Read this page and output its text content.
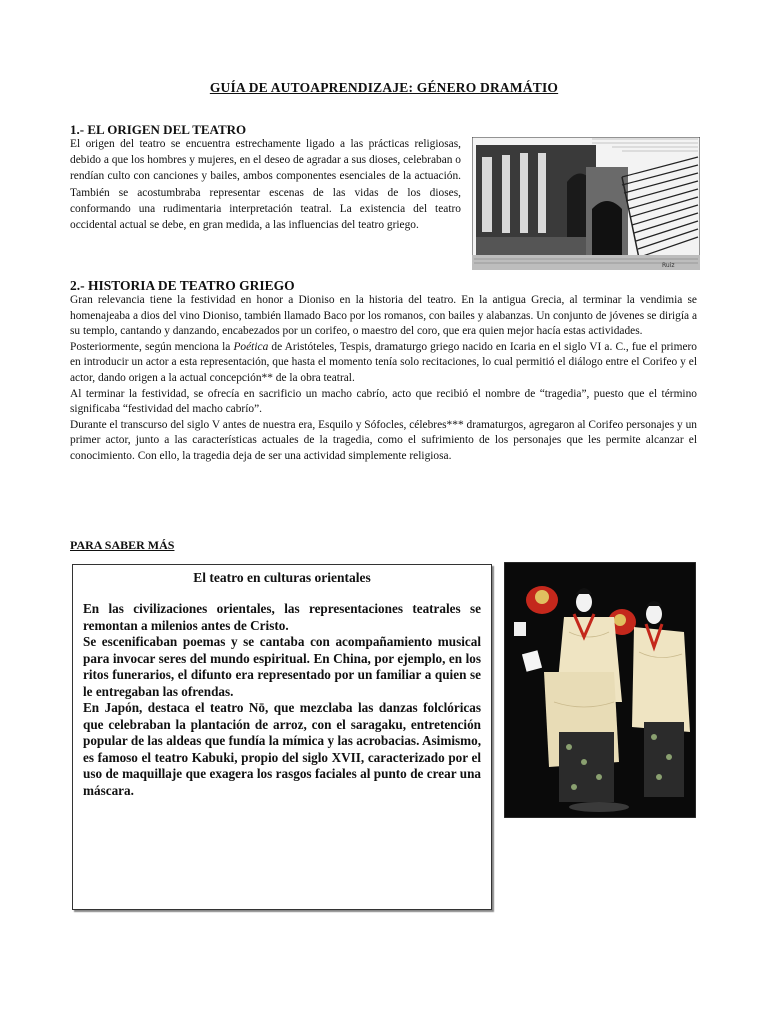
GUÍA DE AUTOAPRENDIZAJE: GÉNERO DRAMÁTIO
1.- EL ORIGEN DEL TEATRO

El origen del teatro se encuentra estrechamente ligado a las prácticas religiosas, debido a que los hombres y mujeres, en el deseo de agradar a sus dioses, celebraban o rendían culto con canciones y bailes, ambos componentes esenciales de la actuación. También se acostumbraba representar escenas de las vidas de los dioses, conformando una rudimentaria interpretación teatral. La existencia del teatro occidental actual se debe, en gran medida, a las influencias del teatro griego.

Ruiz
2.- HISTORIA DE TEATRO GRIEGO

Gran relevancia tiene la festividad en honor a Dioniso en la historia del teatro. En la antigua Grecia, al terminar la vendimia se homenajeaba a dios del vino Dioniso, también llamado Baco por los romanos, con bailes y alabanzas. Un conjunto de jóvenes se dirigía a su templo, cantando y danzando, encabezados por un corifeo, o maestro del coro, que era quien mejor hacía estas actividades.

Posteriormente, según menciona la Poética de Aristóteles, Tespis, dramaturgo griego nacido en Icaria en el siglo VI a. C., fue el primero en introducir un actor a esta representación, que hasta el momento tenía solo recitaciones, lo cual permitió el diálogo entre el Corifeo y el actor, dando origen a la actual concepción** de la obra teatral.

Al terminar la festividad, se ofrecía en sacrificio un macho cabrío, acto que recibió el nombre de “tragedia”, puesto que el término significaba “festividad del macho cabrío”.

Durante el transcurso del siglo V antes de nuestra era, Esquilo y Sófocles, célebres*** dramaturgos, agregaron al Corifeo personajes y un primer actor, junto a las características actuales de la tragedia, como el sufrimiento de los personajes que les permite alcanzar el conocimiento. Con ello, la tragedia deja de ser una actividad simplemente religiosa.

PARA SABER MÁS
El teatro en culturas orientales

En las civilizaciones orientales, las representaciones teatrales se remontan a milenios antes de Cristo.

Se escenificaban poemas y se cantaba con acompañamiento musical para invocar seres del mundo espiritual. En China, por ejemplo, en los ritos funerarios, el difunto era representado por un familiar a quien se le entregaban las ofrendas.

En Japón, destaca el teatro Nō, que mezclaba las danzas folclóricas que celebraban la plantación de arroz, con el saragaku, entretención popular de las aldeas que fundía la mímica y las acrobacias. Asimismo, es famoso el teatro Kabuki, propio del siglo XVII, caracterizado por el uso de maquillaje que exagera los rasgos faciales al punto de crear una máscara.
